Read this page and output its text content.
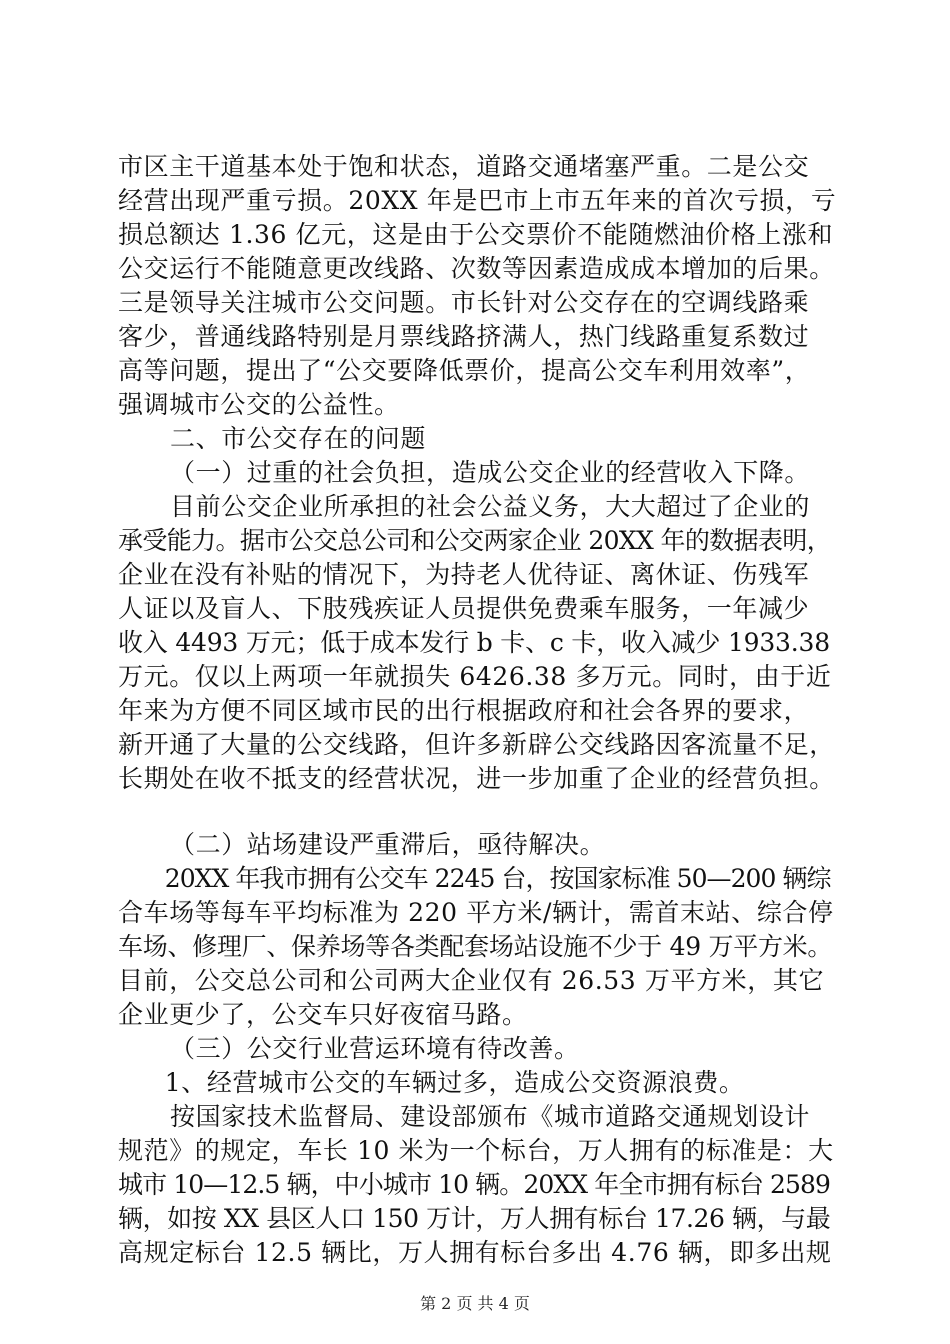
市区主干道基本处于饱和状态，道路交通堵塞严重。二是公交
经营出现严重亏损。20XX 年是巴市上市五年来的首次亏损，亏
损总额达 1.36 亿元，这是由于公交票价不能随燃油价格上涨和
公交运行不能随意更改线路、次数等因素造成成本增加的后果。
三是领导关注城市公交问题。市长针对公交存在的空调线路乘
客少，普通线路特别是月票线路挤满人，热门线路重复系数过
高等问题，提出了“公交要降低票价，提高公交车利用效率”，
强调城市公交的公益性。
二、市公交存在的问题
（一）过重的社会负担，造成公交企业的经营收入下降。
目前公交企业所承担的社会公益义务，大大超过了企业的
承受能力。据市公交总公司和公交两家企业 20XX 年的数据表明，
企业在没有补贴的情况下，为持老人优待证、离休证、伤残军
人证以及盲人、下肢残疾证人员提供免费乘车服务，一年减少
收入 4493 万元；低于成本发行 b 卡、c 卡，收入减少 1933.38
万元。仅以上两项一年就损失 6426.38 多万元。同时，由于近
年来为方便不同区域市民的出行根据政府和社会各界的要求，
新开通了大量的公交线路，但许多新辟公交线路因客流量不足，
长期处在收不抵支的经营状况，进一步加重了企业的经营负担。
（二）站场建设严重滞后，亟待解决。
20XX 年我市拥有公交车 2245 台，按国家标准 50—200 辆综
合车场等每车平均标准为 220 平方米/辆计，需首末站、综合停
车场、修理厂、保养场等各类配套场站设施不少于 49 万平方米。
目前，公交总公司和公司两大企业仅有 26.53 万平方米，其它
企业更少了，公交车只好夜宿马路。
（三）公交行业营运环境有待改善。
1、经营城市公交的车辆过多，造成公交资源浪费。
按国家技术监督局、建设部颁布《城市道路交通规划设计
规范》的规定，车长 10 米为一个标台，万人拥有的标准是：大
城市 10—12.5 辆，中小城市 10 辆。20XX 年全市拥有标台 2589
辆，如按 XX 县区人口 150 万计，万人拥有标台 17.26 辆，与最
高规定标台 12.5 辆比，万人拥有标台多出 4.76 辆，即多出规
第 2 页 共 4 页
